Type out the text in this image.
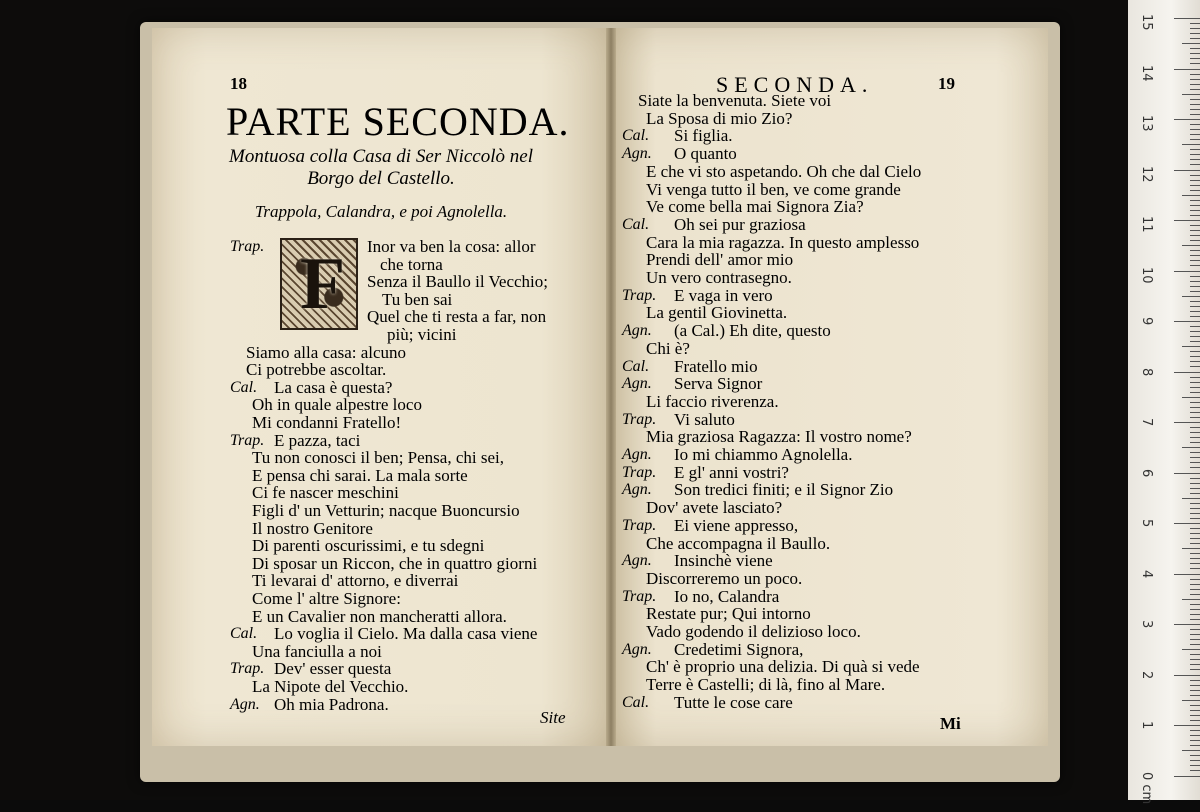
15
14
13
12
11
10
9
8
7
6
5
4
3
2
1
0 cm
18
PARTE SECONDA.
Montuosa colla Casa di Ser Niccolò nel
Borgo del Castello.
Trappola, Calandra, e poi Agnolella.
F
Trap.	Inor va ben la cosa: allor
che torna
Senza il Baullo il Vecchio;
Tu ben sai
Quel che ti resta a far, non
più; vicini
Siamo alla casa: alcuno
Ci potrebbe ascoltar.
Cal. La casa è questa?
Oh in quale alpestre loco
Mi condanni Fratello!
Trap. E pazza, taci
Tu non conosci il ben; Pensa, chi sei,
E pensa chi sarai. La mala sorte
Ci fe nascer meschini
Figli d' un Vetturin; nacque Buoncursio
Il nostro Genitore
Di parenti oscurissimi, e tu sdegni
Di sposar un Riccon, che in quattro giorni
Ti levarai d' attorno, e diverrai
Come l' altre Signore:
E un Cavalier non mancheratti allora.
Cal. Lo voglia il Cielo. Ma dalla casa viene
Una fanciulla a noi
Trap. Dev' esser questa
La Nipote del Vecchio.
Agn. Oh mia Padrona.
Site
SECONDA.	19
Siate la benvenuta. Siete voi
La Sposa di mio Zio?
Cal. Si figlia.
Agn. O quanto
E che vi sto aspetando. Oh che dal Cielo
Vi venga tutto il ben, ve come grande
Ve come bella mai Signora Zia?
Cal. Oh sei pur graziosa
Cara la mia ragazza. In questo amplesso
Prendi dell' amor mio
Un vero contrasegno.
Trap. E vaga in vero
La gentil Giovinetta.
Agn. (a Cal.) Eh dite, questo
Chi è?
Cal. Fratello mio
Agn. Serva Signor
Li faccio riverenza.
Trap. Vi saluto
Mia graziosa Ragazza: Il vostro nome?
Agn. Io mi chiammo Agnolella.
Trap. E gl' anni vostri?
Agn. Son tredici finiti; e il Signor Zio
Dov' avete lasciato?
Trap. Ei viene appresso,
Che accompagna il Baullo.
Agn. Insinchè viene
Discorreremo un poco.
Trap. Io no, Calandra
Restate pur; Qui intorno
Vado godendo il delizioso loco.
Agn. Credetimi Signora,
Ch' è proprio una delizia. Di quà si vede
Terre è Castelli; di là, fino al Mare.
Cal. Tutte le cose care
Mi
